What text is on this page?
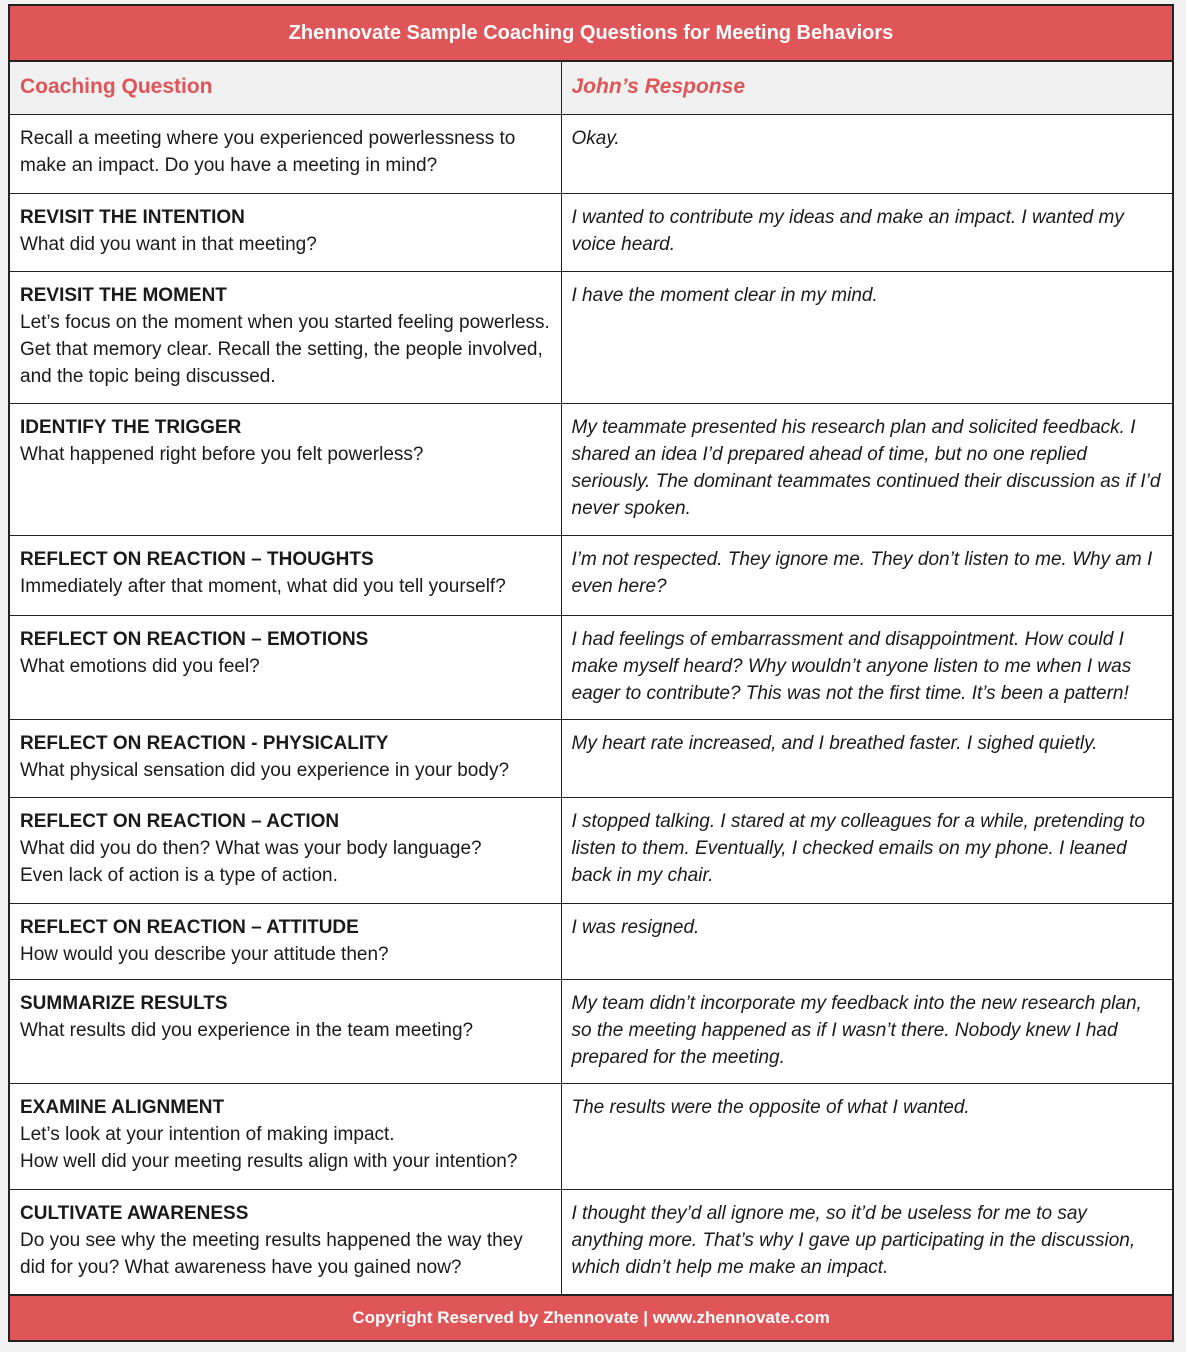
Zhennovate Sample Coaching Questions for Meeting Behaviors
Coaching Question	John’s Response

Recall a meeting where you experienced powerlessness to make an impact. Do you have a meeting in mind?	Okay.

REVISIT THE INTENTION
What did you want in that meeting?	I wanted to contribute my ideas and make an impact. I wanted my voice heard.

REVISIT THE MOMENT
Let’s focus on the moment when you started feeling powerless. Get that memory clear. Recall the setting, the people involved, and the topic being discussed.	I have the moment clear in my mind.

IDENTIFY THE TRIGGER
What happened right before you felt powerless?	My teammate presented his research plan and solicited feedback. I shared an idea I’d prepared ahead of time, but no one replied seriously. The dominant teammates continued their discussion as if I’d never spoken.

REFLECT ON REACTION – THOUGHTS
Immediately after that moment, what did you tell yourself?	I’m not respected. They ignore me. They don’t listen to me. Why am I even here?

REFLECT ON REACTION – EMOTIONS
What emotions did you feel?	I had feelings of embarrassment and disappointment. How could I make myself heard? Why wouldn’t anyone listen to me when I was eager to contribute? This was not the first time. It’s been a pattern!

REFLECT ON REACTION - PHYSICALITY
What physical sensation did you experience in your body?	My heart rate increased, and I breathed faster. I sighed quietly.

REFLECT ON REACTION – ACTION
What did you do then? What was your body language?
Even lack of action is a type of action.	I stopped talking. I stared at my colleagues for a while, pretending to listen to them. Eventually, I checked emails on my phone. I leaned back in my chair.

REFLECT ON REACTION – ATTITUDE
How would you describe your attitude then?	I was resigned.

SUMMARIZE RESULTS
What results did you experience in the team meeting?	My team didn’t incorporate my feedback into the new research plan, so the meeting happened as if I wasn’t there. Nobody knew I had prepared for the meeting.

EXAMINE ALIGNMENT
Let’s look at your intention of making impact.
How well did your meeting results align with your intention?	The results were the opposite of what I wanted.

CULTIVATE AWARENESS
Do you see why the meeting results happened the way they did for you? What awareness have you gained now?	I thought they’d all ignore me, so it’d be useless for me to say anything more. That’s why I gave up participating in the discussion, which didn’t help me make an impact.
Copyright Reserved by Zhennovate | www.zhennovate.com
